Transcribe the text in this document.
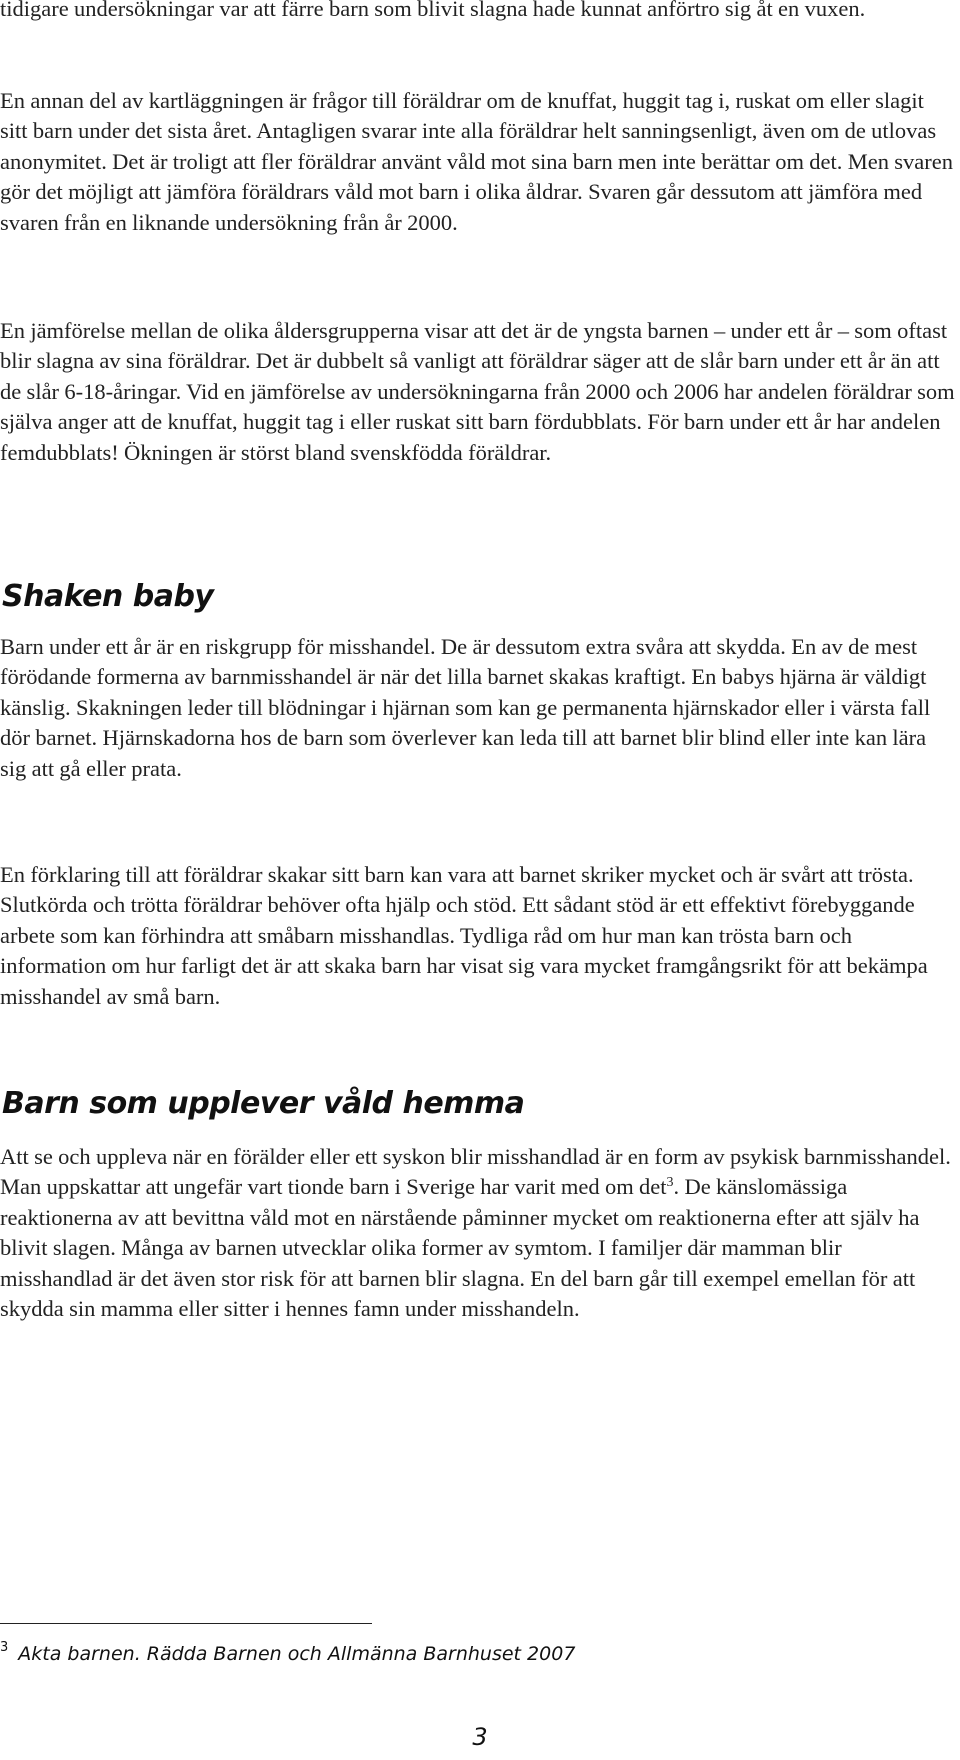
tidigare undersökningar var att färre barn som blivit slagna hade kunnat anförtro sig åt en vuxen.

En annan del av kartläggningen är frågor till föräldrar om de knuffat, huggit tag i, ruskat om eller slagit sitt barn under det sista året. Antagligen svarar inte alla föräldrar helt sanningsenligt, även om de utlovas anonymitet. Det är troligt att fler föräldrar använt våld mot sina barn men inte berättar om det. Men svaren gör det möjligt att jämföra föräldrars våld mot barn i olika åldrar. Svaren går dessutom att jämföra med svaren från en liknande undersökning från år 2000.

En jämförelse mellan de olika åldersgrupperna visar att det är de yngsta barnen – under ett år – som oftast blir slagna av sina föräldrar. Det är dubbelt så vanligt att föräldrar säger att de slår barn under ett år än att de slår 6-18-åringar. Vid en jämförelse av undersökningarna från 2000 och 2006 har andelen föräldrar som själva anger att de knuffat, huggit tag i eller ruskat sitt barn fördubblats. För barn under ett år har andelen femdubblats! Ökningen är störst bland svenskfödda föräldrar.

Shaken baby

Barn under ett år är en riskgrupp för misshandel. De är dessutom extra svåra att skydda. En av de mest förödande formerna av barnmisshandel är när det lilla barnet skakas kraftigt. En babys hjärna är väldigt känslig. Skakningen leder till blödningar i hjärnan som kan ge permanenta hjärnskador eller i värsta fall dör barnet. Hjärnskadorna hos de barn som överlever kan leda till att barnet blir blind eller inte kan lära sig att gå eller prata.

En förklaring till att föräldrar skakar sitt barn kan vara att barnet skriker mycket och är svårt att trösta. Slutkörda och trötta föräldrar behöver ofta hjälp och stöd. Ett sådant stöd är ett effektivt förebyggande arbete som kan förhindra att småbarn misshandlas. Tydliga råd om hur man kan trösta barn och information om hur farligt det är att skaka barn har visat sig vara mycket framgångsrikt för att bekämpa misshandel av små barn.

Barn som upplever våld hemma

Att se och uppleva när en förälder eller ett syskon blir misshandlad är en form av psykisk barnmisshandel. Man uppskattar att ungefär vart tionde barn i Sverige har varit med om det$^3$. De känslomässiga reaktionerna av att bevittna våld mot en närstående påminner mycket om reaktionerna efter att själv ha blivit slagen. Många av barnen utvecklar olika former av symtom. I familjer där mamman blir misshandlad är det även stor risk för att barnen blir slagna. En del barn går till exempel emellan för att skydda sin mamma eller sitter i hennes famn under misshandeln.

$^3$ Akta barnen. Rädda Barnen och Allmänna Barnhuset 2007

3
